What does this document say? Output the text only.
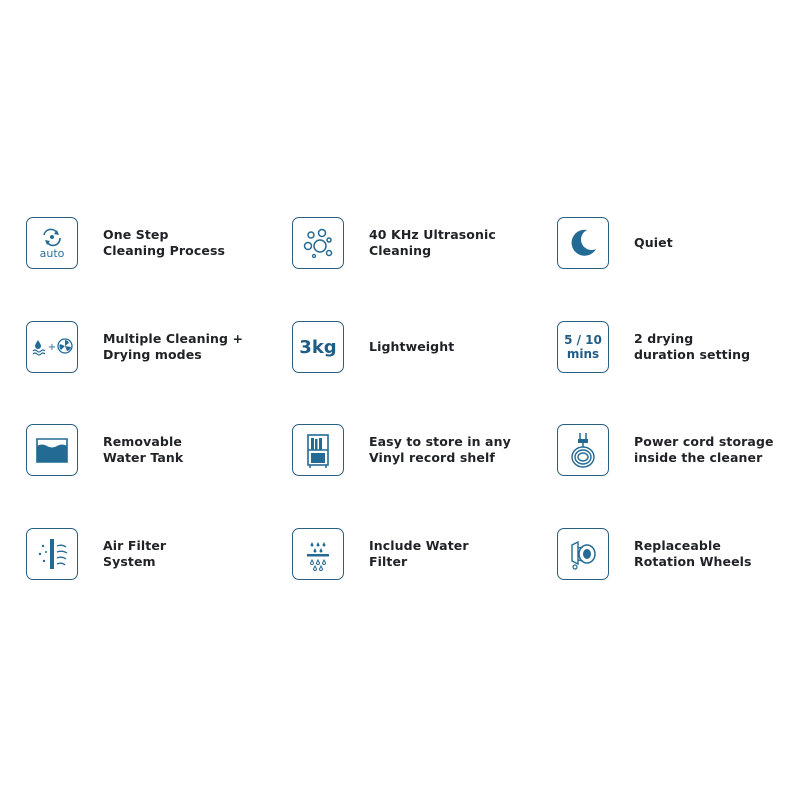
auto
One Step
Cleaning Process
40 KHz Ultrasonic
Cleaning
Quiet
+
Multiple Cleaning +
Drying modes	3kg	Lightweight	5 / 10
mins
2 drying
duration setting
Removable
Water Tank
Easy to store in any
Vinyl record shelf
Power cord storage
inside the cleaner
Air Filter
System
Include Water
Filter
Replaceable
Rotation Wheels
